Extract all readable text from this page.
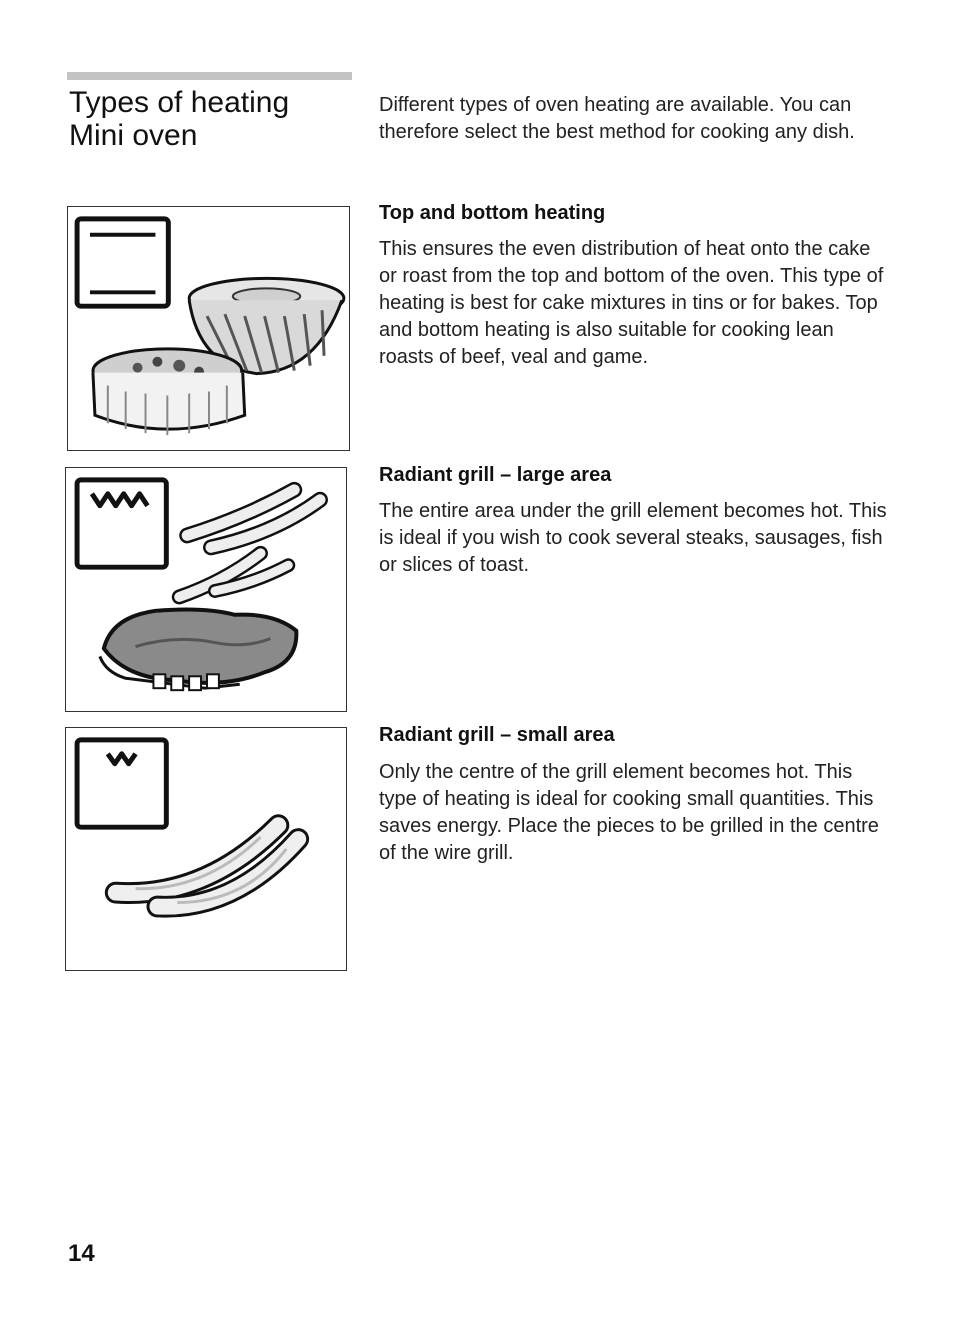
Types of heating
Mini oven

Different types of oven heating are available. You can therefore select the best method for cooking any dish.

Top and bottom heating

This ensures the even distribution of heat onto the cake or roast from the top and bottom of the oven. This type of heating is best for cake mixtures in tins or for bakes. Top and bottom heating is also suitable for cooking lean roasts of beef, veal and game.

Radiant grill – large area

The entire area under the grill element becomes hot. This is ideal if you wish to cook several steaks, sausages, fish or slices of toast.

Radiant grill – small area

Only the centre of the grill element becomes hot. This type of heating is ideal for cooking small quantities. This saves energy. Place the pieces to be grilled in the centre of the wire grill.

14
